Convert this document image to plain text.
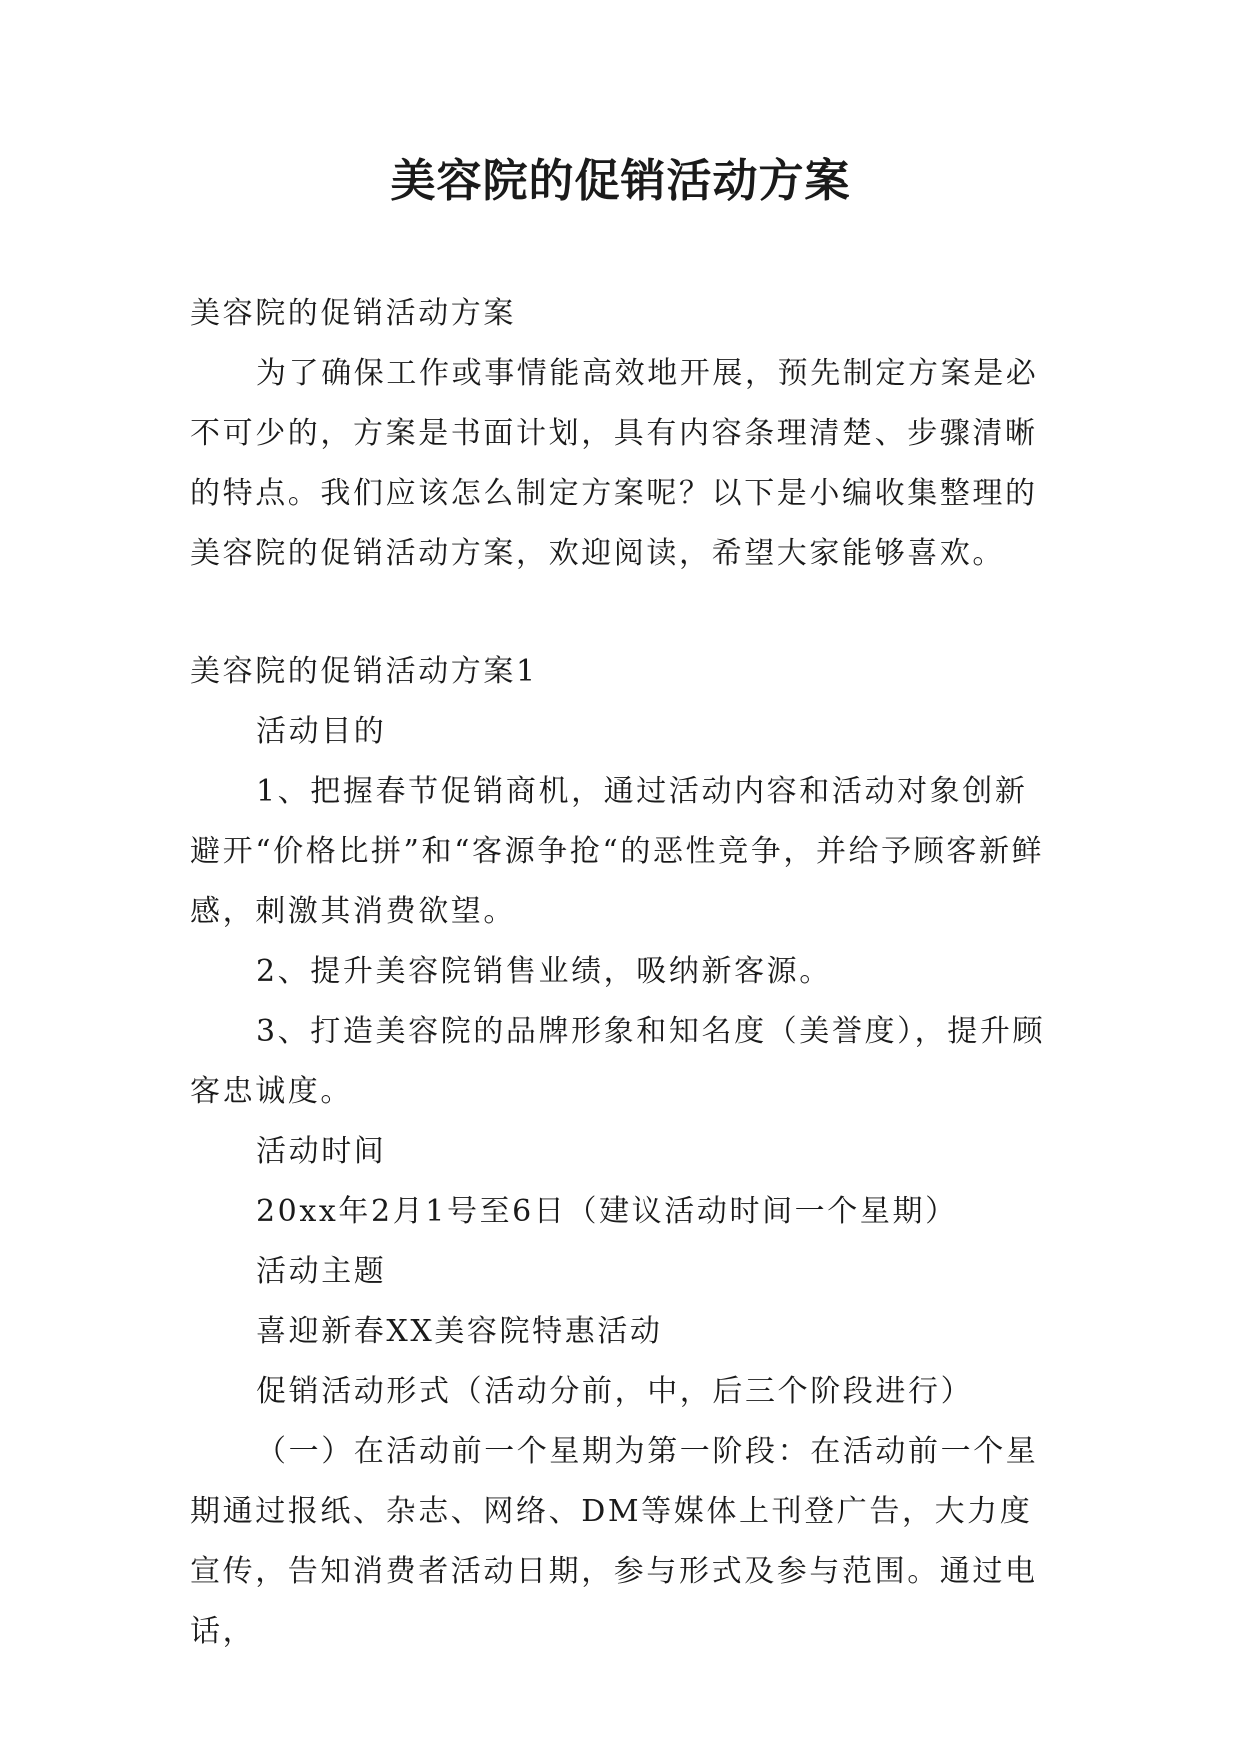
美容院的促销活动方案

美容院的促销活动方案

为了确保工作或事情能高效地开展，预先制定方案是必不可少的，方案是书面计划，具有内容条理清楚、步骤清晰的特点。我们应该怎么制定方案呢？以下是小编收集整理的美容院的促销活动方案，欢迎阅读，希望大家能够喜欢。

美容院的促销活动方案1

活动目的

1、把握春节促销商机，通过活动内容和活动对象创新避开“价格比拼”和“客源争抢“的恶性竞争，并给予顾客新鲜感，刺激其消费欲望。

2、提升美容院销售业绩，吸纳新客源。

3、打造美容院的品牌形象和知名度（美誉度），提升顾客忠诚度。

活动时间

20xx年2月1号至6日（建议活动时间一个星期）

活动主题

喜迎新春XX美容院特惠活动

促销活动形式（活动分前，中，后三个阶段进行）

（一）在活动前一个星期为第一阶段：在活动前一个星期通过报纸、杂志、网络、DM等媒体上刊登广告，大力度宣传，告知消费者活动日期，参与形式及参与范围。通过电话，
